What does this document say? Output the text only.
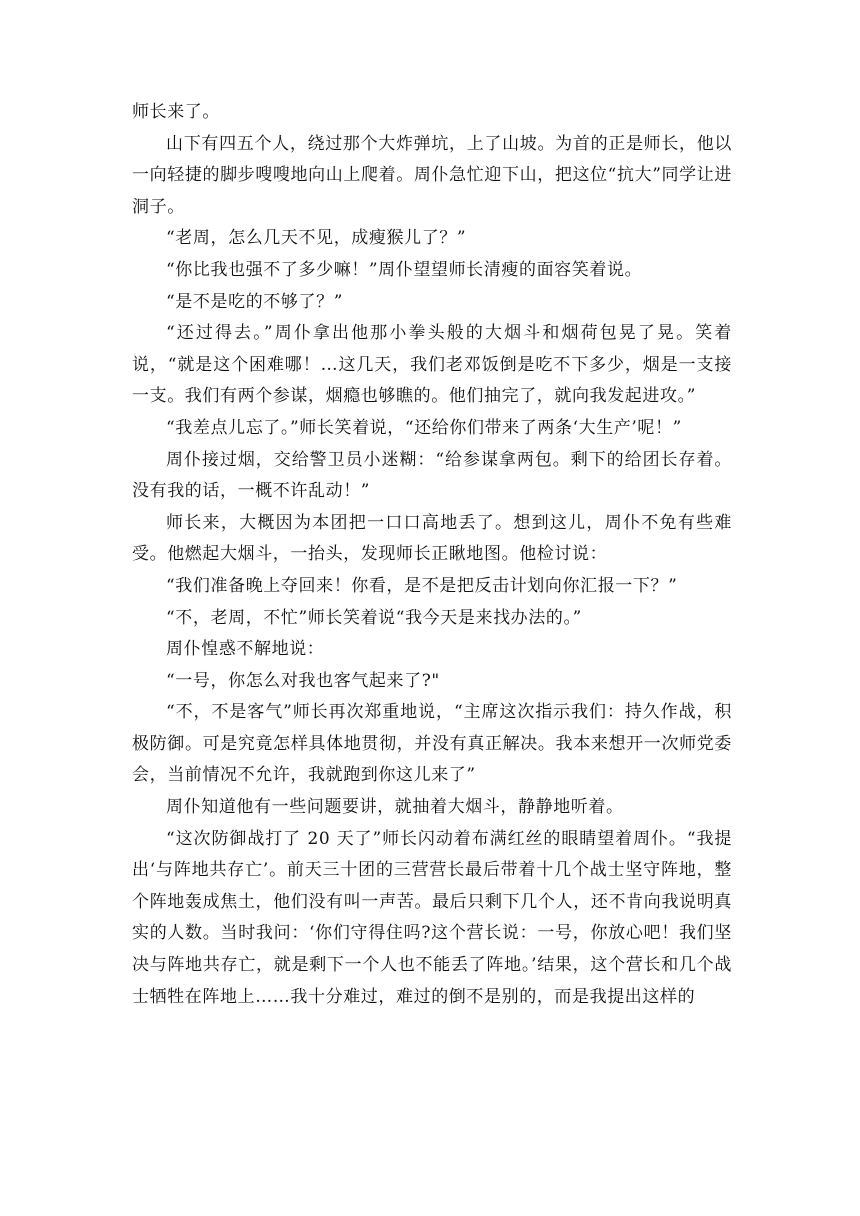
师长来了。

山下有四五个人，绕过那个大炸弹坑，上了山坡。为首的正是师长，他以一向轻捷的脚步嗖嗖地向山上爬着。周仆急忙迎下山，把这位“抗大”同学让进洞子。

“老周，怎么几天不见，成瘦猴儿了？”

“你比我也强不了多少嘛！”周仆望望师长清瘦的面容笑着说。

“是不是吃的不够了？”

“还过得去。”周仆拿出他那小拳头般的大烟斗和烟荷包晃了晃。笑着说，“就是这个困难哪！…这几天，我们老邓饭倒是吃不下多少，烟是一支接一支。我们有两个参谋，烟瘾也够瞧的。他们抽完了，就向我发起进攻。”

“我差点儿忘了。”师长笑着说，“还给你们带来了两条‘大生产’呢！”

周仆接过烟，交给警卫员小迷糊：“给参谋拿两包。剩下的给团长存着。没有我的话，一概不许乱动！”

师长来，大概因为本团把一口口高地丢了。想到这儿，周仆不免有些难受。他燃起大烟斗，一抬头，发现师长正瞅地图。他检讨说：

“我们准备晚上夺回来！你看，是不是把反击计划向你汇报一下？”

“不，老周，不忙”师长笑着说“我今天是来找办法的。”

周仆惶惑不解地说：

“一号，你怎么对我也客气起来了?"

“不，不是客气”师长再次郑重地说，“主席这次指示我们：持久作战，积极防御。可是究竟怎样具体地贯彻，并没有真正解决。我本来想开一次师党委会，当前情况不允许，我就跑到你这儿来了”

周仆知道他有一些问题要讲，就抽着大烟斗，静静地听着。

“这次防御战打了 20 天了”师长闪动着布满红丝的眼睛望着周仆。“我提出‘与阵地共存亡’。前天三十团的三营营长最后带着十几个战士坚守阵地，整个阵地轰成焦土，他们没有叫一声苦。最后只剩下几个人，还不肯向我说明真实的人数。当时我问：‘你们守得住吗?这个营长说：一号，你放心吧！我们坚决与阵地共存亡，就是剩下一个人也不能丢了阵地。’结果，这个营长和几个战士牺牲在阵地上……我十分难过，难过的倒不是别的，而是我提出这样的
